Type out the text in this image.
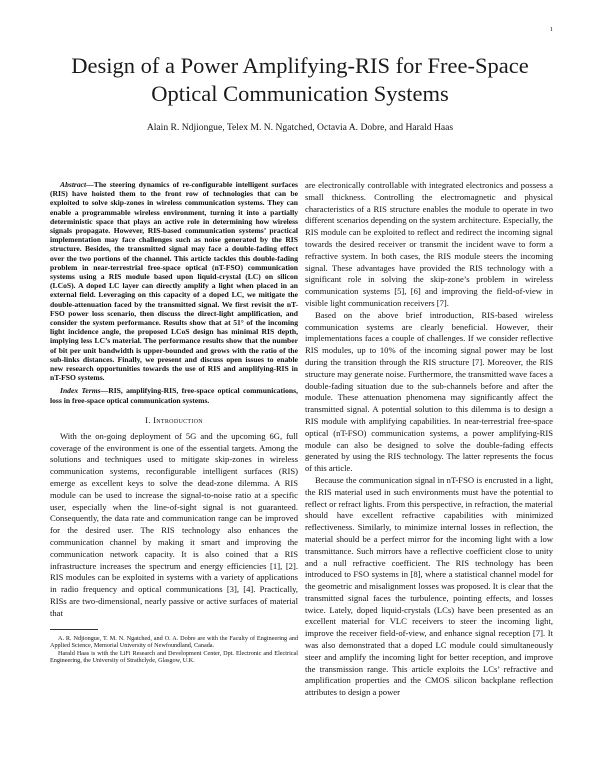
1
Design of a Power Amplifying-RIS for Free-Space
Optical Communication Systems
Alain R. Ndjiongue, Telex M. N. Ngatched, Octavia A. Dobre, and Harald Haas

Abstract—The steering dynamics of re-configurable intelligent surfaces (RIS) have hoisted them to the front row of technologies that can be exploited to solve skip-zones in wireless communication systems. They can enable a programmable wireless environment, turning it into a partially deterministic space that plays an active role in determining how wireless signals propagate. However, RIS-based communication systems’ practical implementation may face challenges such as noise generated by the RIS structure. Besides, the transmitted signal may face a double-fading effect over the two portions of the channel. This article tackles this double-fading problem in near-terrestrial free-space optical (nT-FSO) communication systems using a RIS module based upon liquid-crystal (LC) on silicon (LCoS). A doped LC layer can directly amplify a light when placed in an external field. Leveraging on this capacity of a doped LC, we mitigate the double-attenuation faced by the transmitted signal. We first revisit the nT-FSO power loss scenario, then discuss the direct-light amplification, and consider the system performance. Results show that at 51° of the incoming light incidence angle, the proposed LCoS design has minimal RIS depth, implying less LC’s material. The performance results show that the number of bit per unit bandwidth is upper-bounded and grows with the ratio of the sub-links distances. Finally, we present and discuss open issues to enable new research opportunities towards the use of RIS and amplifying-RIS in nT-FSO systems.

Index Terms—RIS, amplifying-RIS, free-space optical communications, loss in free-space optical communication systems.

I. Introduction

With the on-going deployment of 5G and the upcoming 6G, full coverage of the environment is one of the essential targets. Among the solutions and techniques used to mitigate skip-zones in wireless communication systems, reconfigurable intelligent surfaces (RIS) emerge as excellent keys to solve the dead-zone dilemma. A RIS module can be used to increase the signal-to-noise ratio at a specific user, especially when the line-of-sight signal is not guaranteed. Consequently, the data rate and communication range can be improved for the desired user. The RIS technology also enhances the communication channel by making it smart and improving the communication network capacity. It is also coined that a RIS infrastructure increases the spectrum and energy efficiencies [1], [2]. RIS modules can be exploited in systems with a variety of applications in radio frequency and optical communications [3], [4]. Practically, RISs are two-dimensional, nearly passive or active surfaces of material that

A. R. Ndjiongue, T. M. N. Ngatched, and O. A. Dobre are with the Faculty of Engineering and Applied Science, Memorial University of Newfoundland, Canada.

Harald Haas is with the LiFi Research and Development Center, Dpt. Electronic and Electrical Engineering, the University of Strathclyde, Glasgow, U.K.

are electronically controllable with integrated electronics and possess a small thickness. Controlling the electromagnetic and physical characteristics of a RIS structure enables the module to operate in two different scenarios depending on the system architecture. Especially, the RIS module can be exploited to reflect and redirect the incoming signal towards the desired receiver or transmit the incident wave to form a refractive system. In both cases, the RIS module steers the incoming signal. These advantages have provided the RIS technology with a significant role in solving the skip-zone’s problem in wireless communication systems [5], [6] and improving the field-of-view in visible light communication receivers [7].

Based on the above brief introduction, RIS-based wireless communication systems are clearly beneficial. However, their implementations faces a couple of challenges. If we consider reflective RIS modules, up to 10% of the incoming signal power may be lost during the transition through the RIS structure [7]. Moreover, the RIS structure may generate noise. Furthermore, the transmitted wave faces a double-fading situation due to the sub-channels before and after the module. These attenuation phenomena may significantly affect the transmitted signal. A potential solution to this dilemma is to design a RIS module with amplifying capabilities. In near-terrestrial free-space optical (nT-FSO) communication systems, a power amplifying-RIS module can also be designed to solve the double-fading effects generated by using the RIS technology. The latter represents the focus of this article.

Because the communication signal in nT-FSO is encrusted in a light, the RIS material used in such environments must have the potential to reflect or refract lights. From this perspective, in refraction, the material should have excellent refractive capabilities with minimized reflectiveness. Similarly, to minimize internal losses in reflection, the material should be a perfect mirror for the incoming light with a low transmittance. Such mirrors have a reflective coefficient close to unity and a null refractive coefficient. The RIS technology has been introduced to FSO systems in [8], where a statistical channel model for the geometric and misalignment losses was proposed. It is clear that the transmitted signal faces the turbulence, pointing effects, and losses twice. Lately, doped liquid-crystals (LCs) have been presented as an excellent material for VLC receivers to steer the incoming light, improve the receiver field-of-view, and enhance signal reception [7]. It was also demonstrated that a doped LC module could simultaneously steer and amplify the incoming light for better reception, and improve the transmission range. This article exploits the LCs’ refractive and amplification properties and the CMOS silicon backplane reflection attributes to design a power
